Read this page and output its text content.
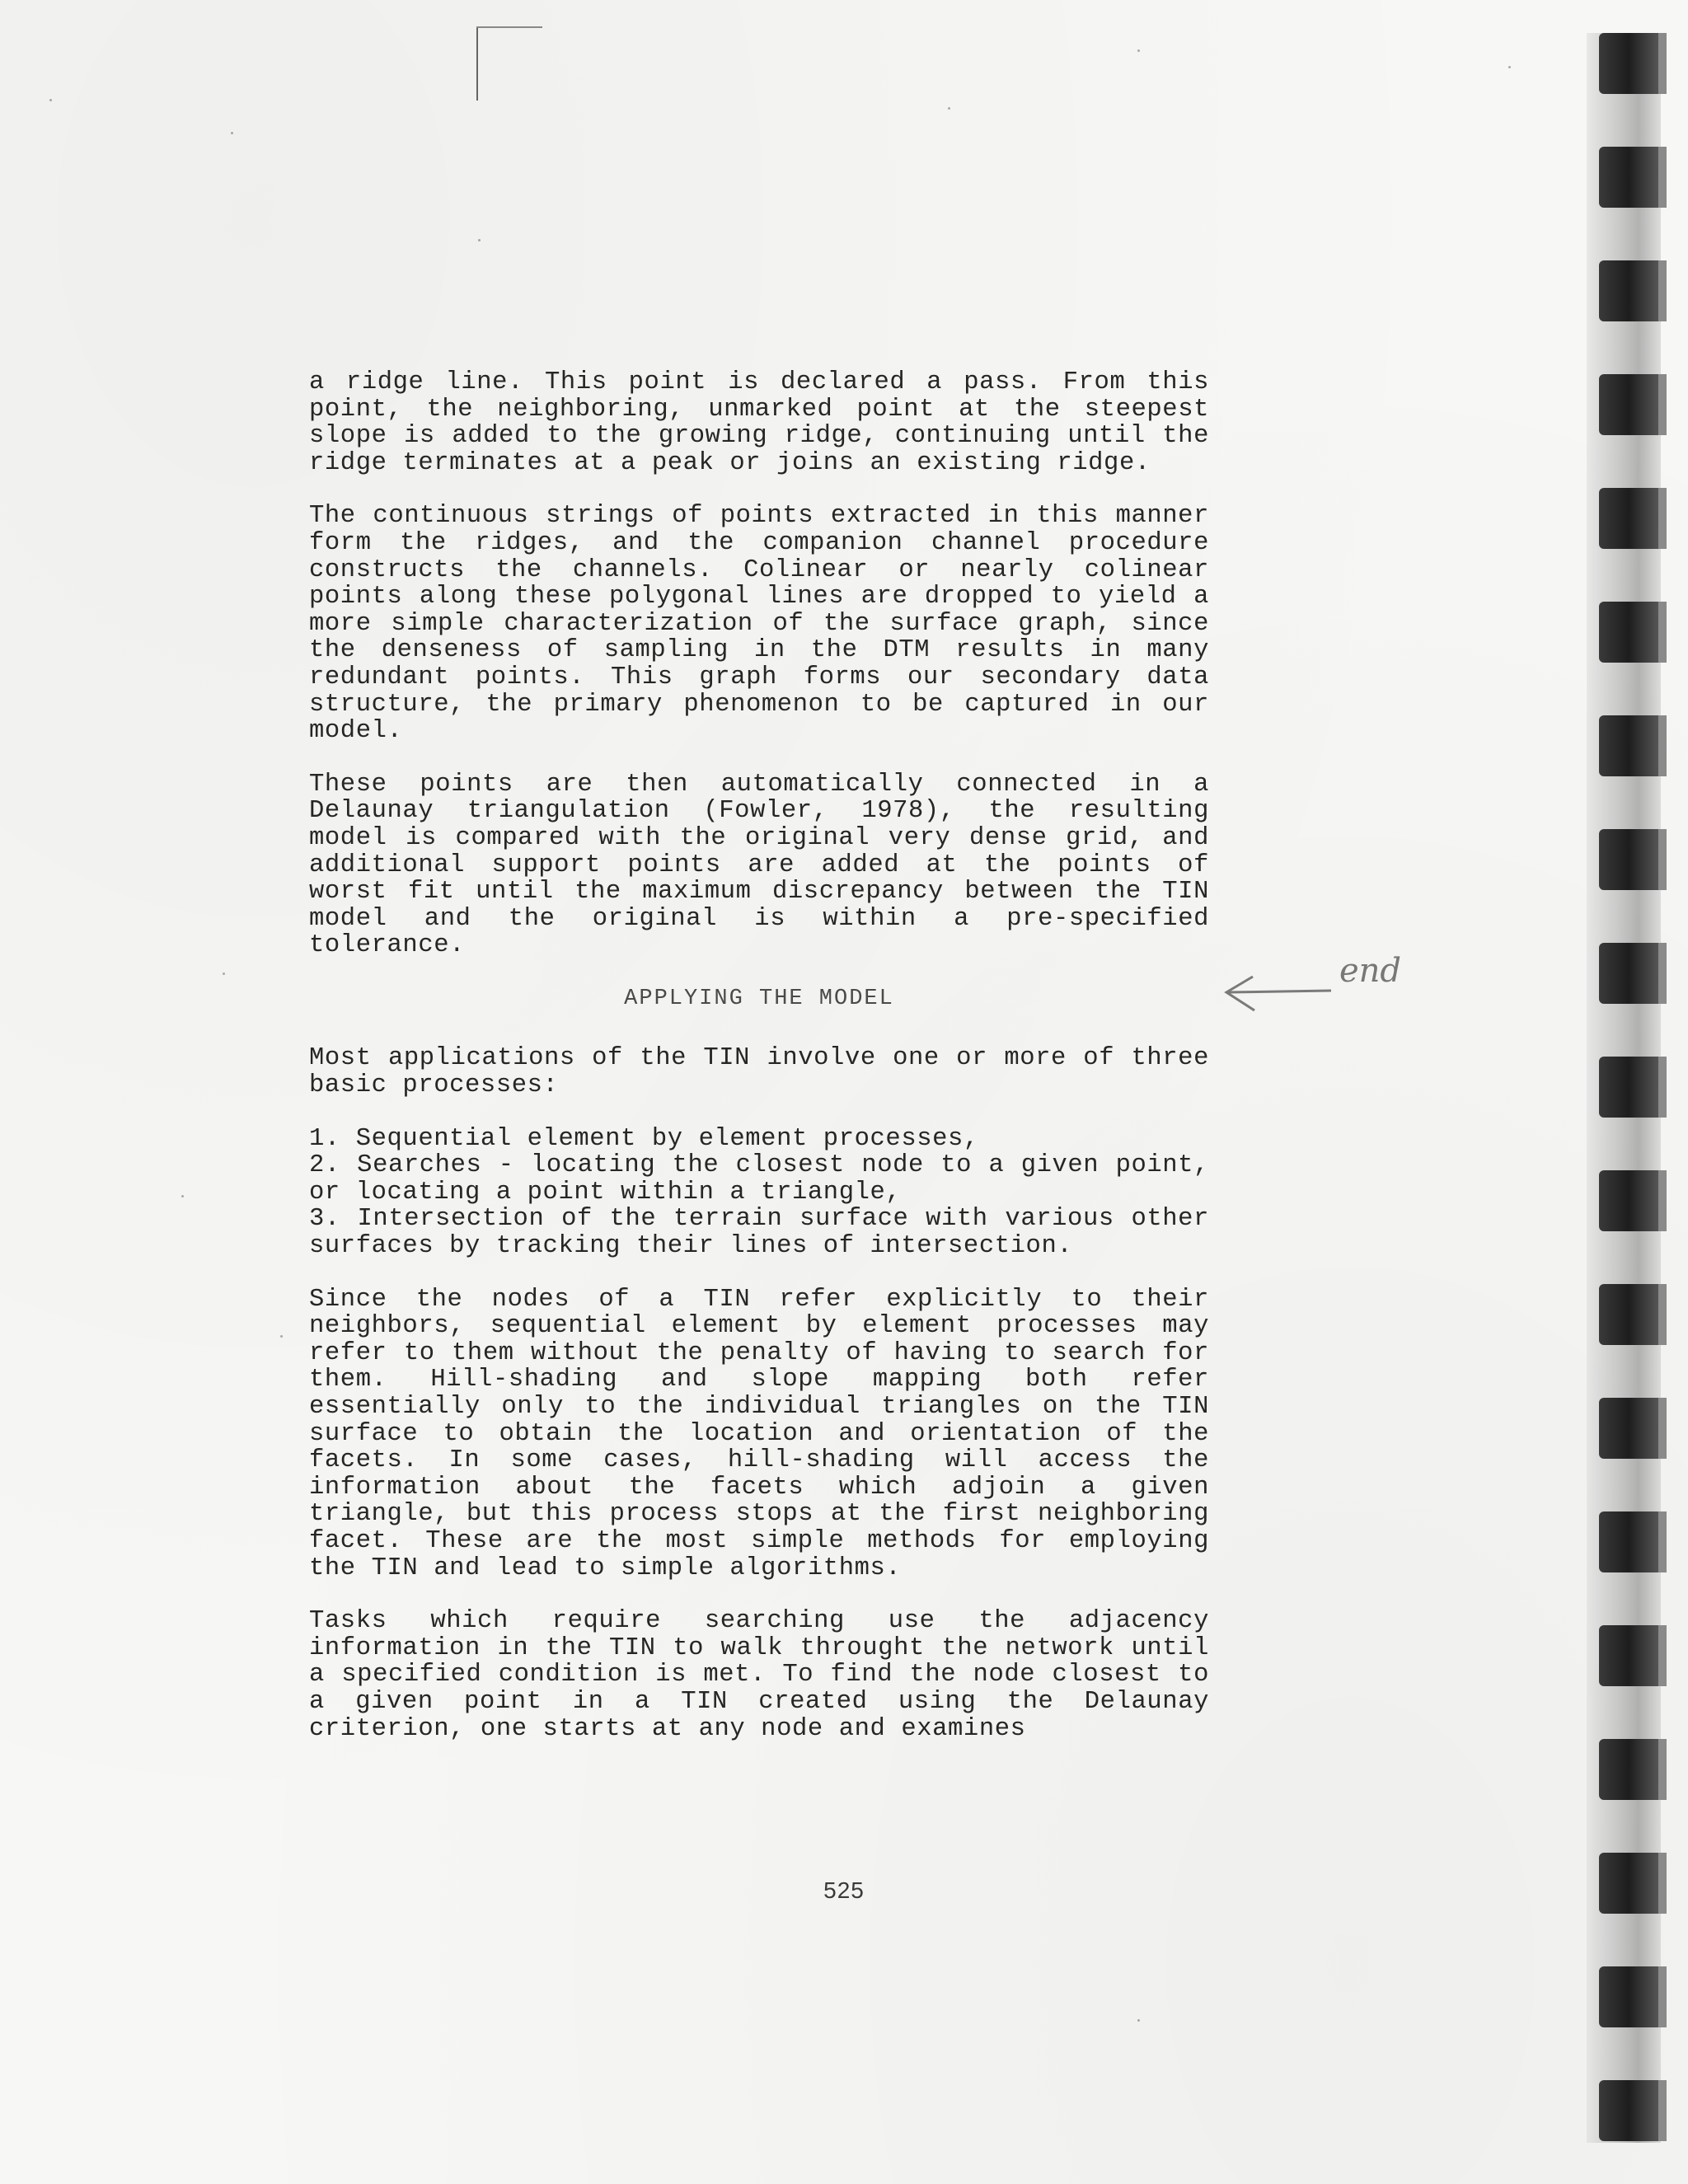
a ridge line. This point is declared a pass. From this point, the neighboring, unmarked point at the steepest slope is added to the growing ridge, continuing until the ridge terminates at a peak or joins an existing ridge.

The continuous strings of points extracted in this manner form the ridges, and the companion channel procedure constructs the channels. Colinear or nearly colinear points along these polygonal lines are dropped to yield a more simple characterization of the surface graph, since the denseness of sampling in the DTM results in many redundant points. This graph forms our secondary data structure, the primary phenomenon to be captured in our model.

These points are then automatically connected in a Delaunay triangulation (Fowler, 1978), the resulting model is compared with the original very dense grid, and additional support points are added at the points of worst fit until the maximum discrepancy between the TIN model and the original is within a pre-specified tolerance.

APPLYING THE MODEL

Most applications of the TIN involve one or more of three basic processes:

1. Sequential element by element processes,
2. Searches - locating the closest node to a given point, or locating a point within a triangle,
3. Intersection of the terrain surface with various other surfaces by tracking their lines of intersection.

Since the nodes of a TIN refer explicitly to their neighbors, sequential element by element processes may refer to them without the penalty of having to search for them. Hill-shading and slope mapping both refer essentially only to the individual triangles on the TIN surface to obtain the location and orientation of the facets. In some cases, hill-shading will access the information about the facets which adjoin a given triangle, but this process stops at the first neighboring facet. These are the most simple methods for employing the TIN and lead to simple algorithms.

Tasks which require searching use the adjacency information in the TIN to walk throught the network until a specified condition is met. To find the node closest to a given point in a TIN created using the Delaunay criterion, one starts at any node and examines

end
525
